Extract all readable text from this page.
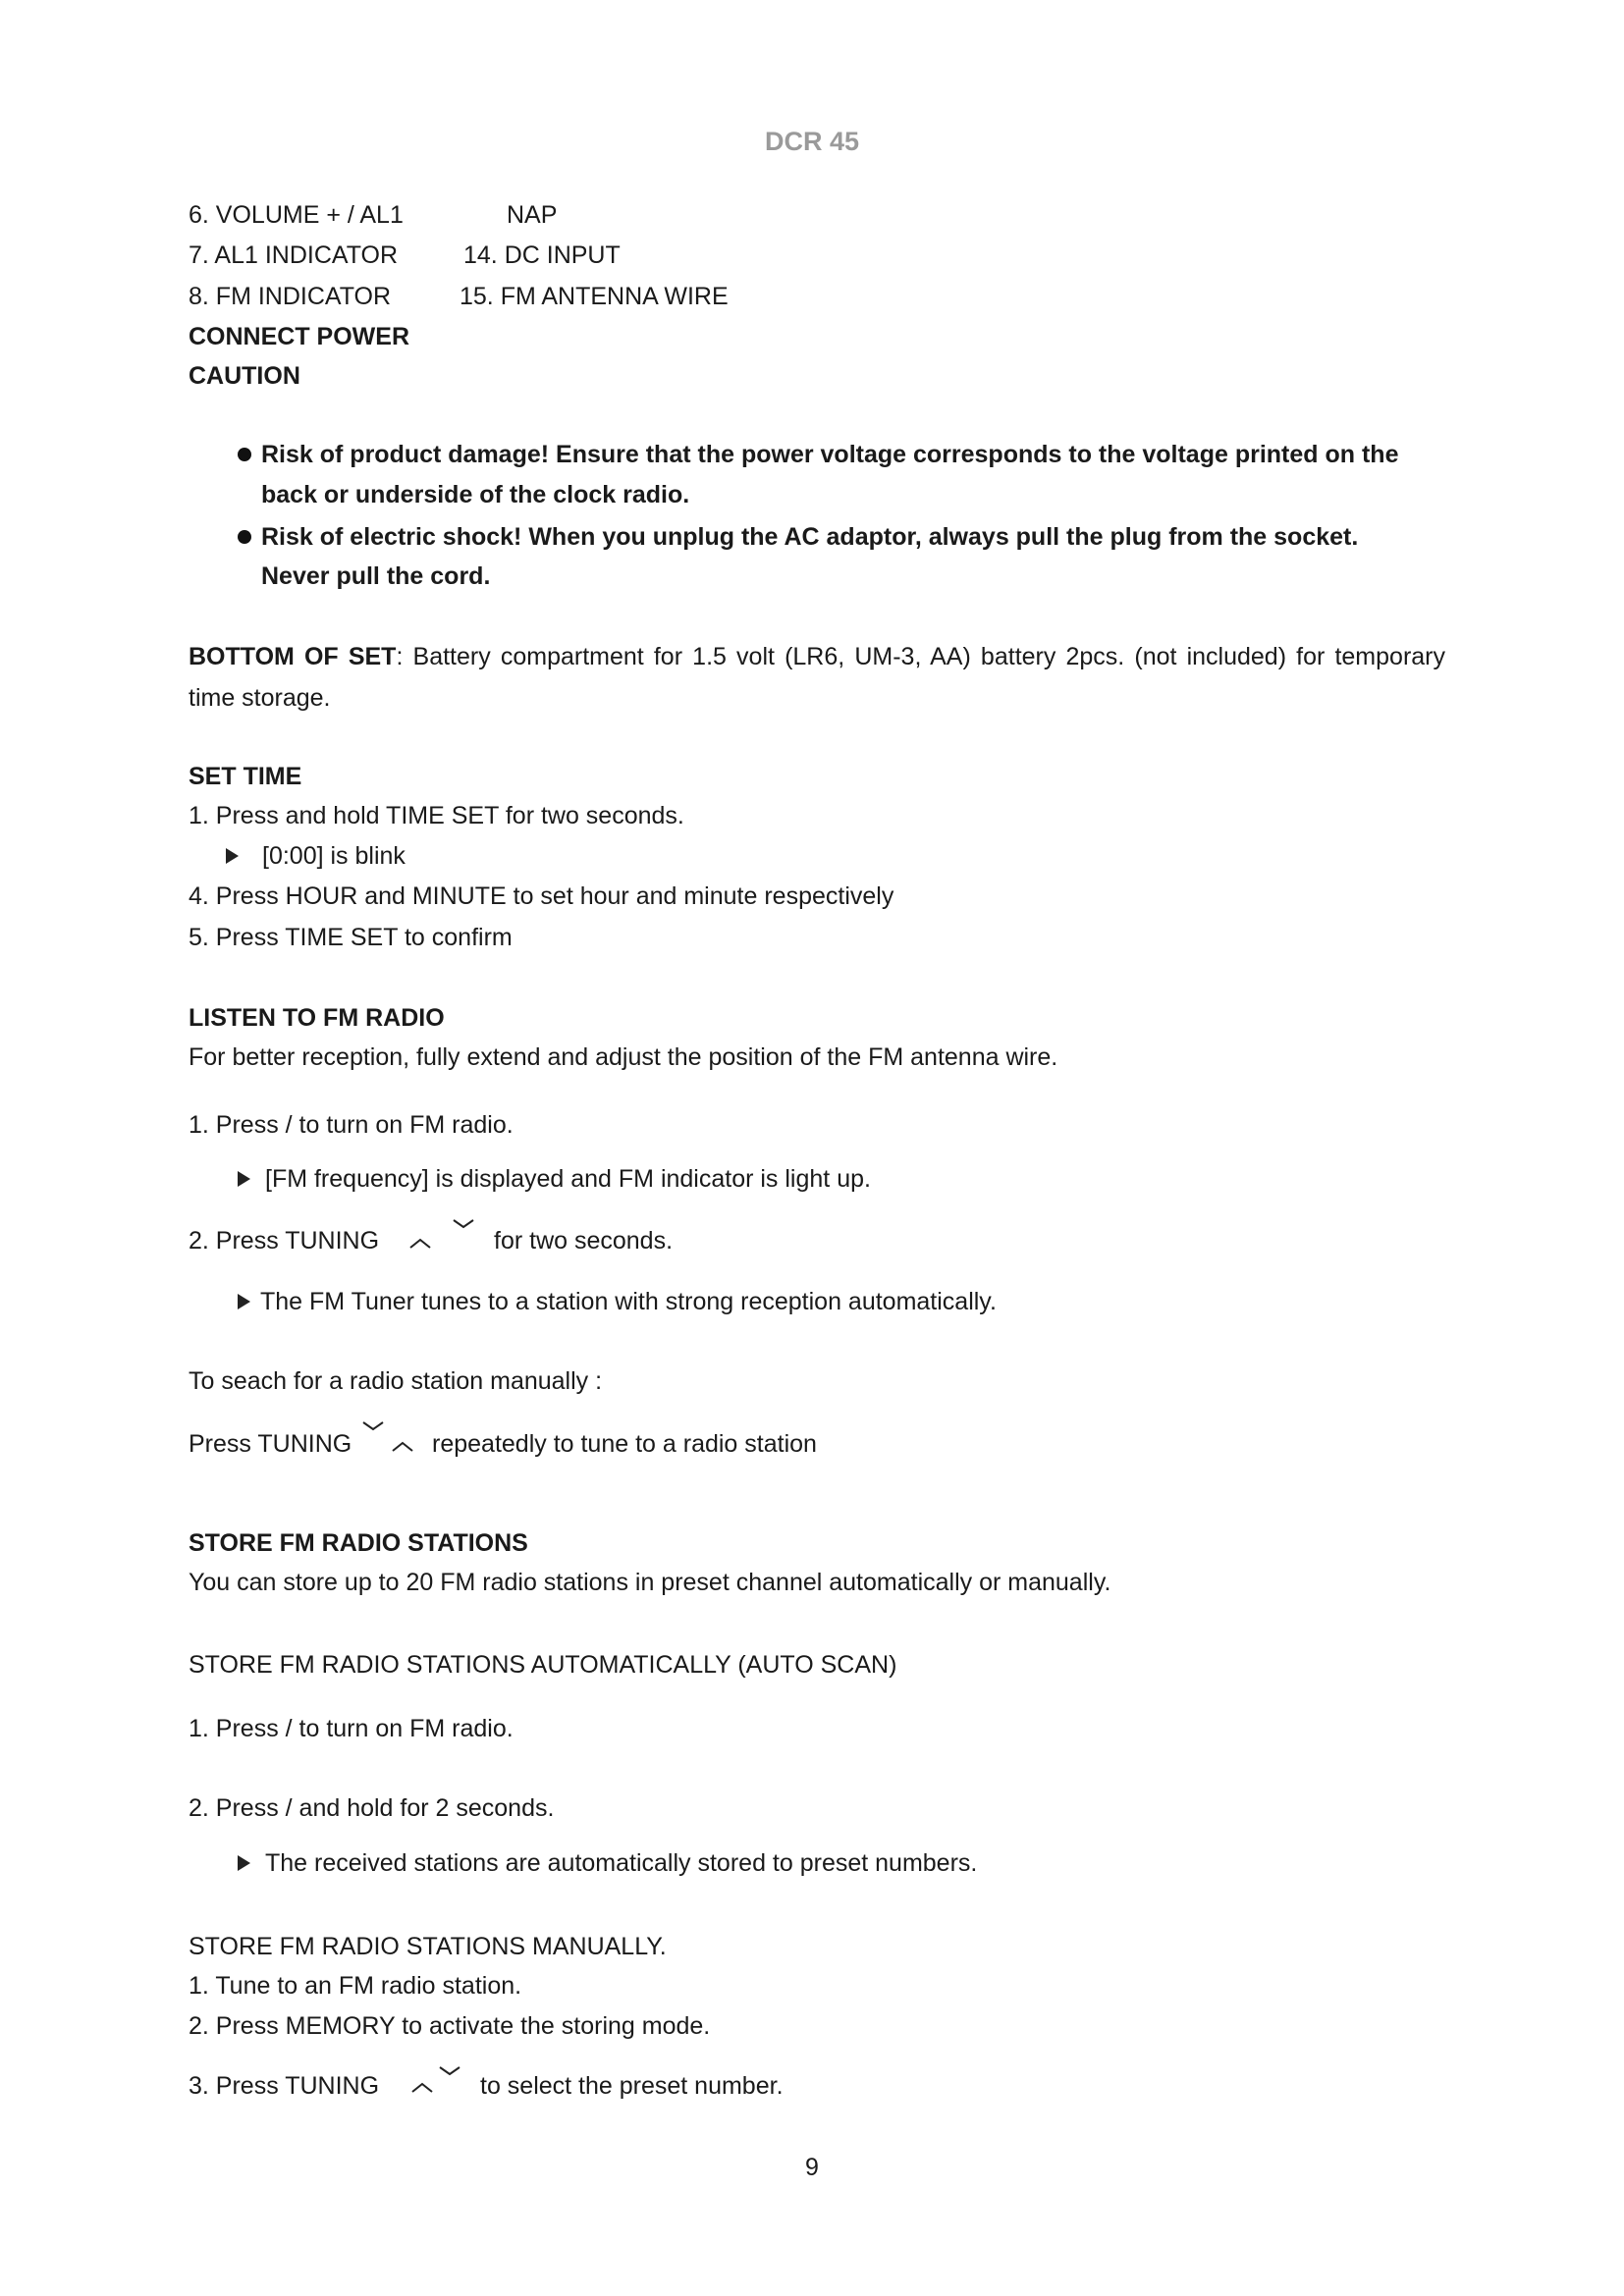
DCR 45
6. VOLUME + / AL1	NAP
7. AL1 INDICATOR	14. DC INPUT
8. FM INDICATOR	15. FM ANTENNA WIRE
CONNECT POWER
CAUTION
Risk of product damage! Ensure that the power voltage corresponds to the voltage printed on the
back or underside of the clock radio.
Risk of electric shock! When you unplug the AC adaptor, always pull the plug from the socket.
Never pull the cord.
BOTTOM OF SET: Battery compartment for 1.5 volt (LR6, UM-3, AA) battery 2pcs. (not included) for temporary time storage.
SET TIME
1. Press and hold TIME SET for two seconds.
[0:00] is blink
4. Press HOUR and MINUTE to set hour and minute respectively
5. Press TIME SET to confirm
LISTEN TO FM RADIO
For better reception, fully extend and adjust the position of the FM antenna wire.
1. Press / to turn on FM radio.
[FM frequency] is displayed and FM indicator is light up.
2. Press TUNING	for two seconds.
The FM Tuner tunes to a station with strong reception automatically.
To seach for a radio station manually :
Press TUNING	repeatedly to tune to a radio station
STORE FM RADIO STATIONS
You can store up to 20 FM radio stations in preset channel automatically or manually.
STORE FM RADIO STATIONS AUTOMATICALLY (AUTO SCAN)
1. Press / to turn on FM radio.
2. Press / and hold for 2 seconds.
The received stations are automatically stored to preset numbers.
STORE FM RADIO STATIONS MANUALLY.
1. Tune to an FM radio station.
2. Press MEMORY to activate the storing mode.
3. Press TUNING	to select the preset number.
9
